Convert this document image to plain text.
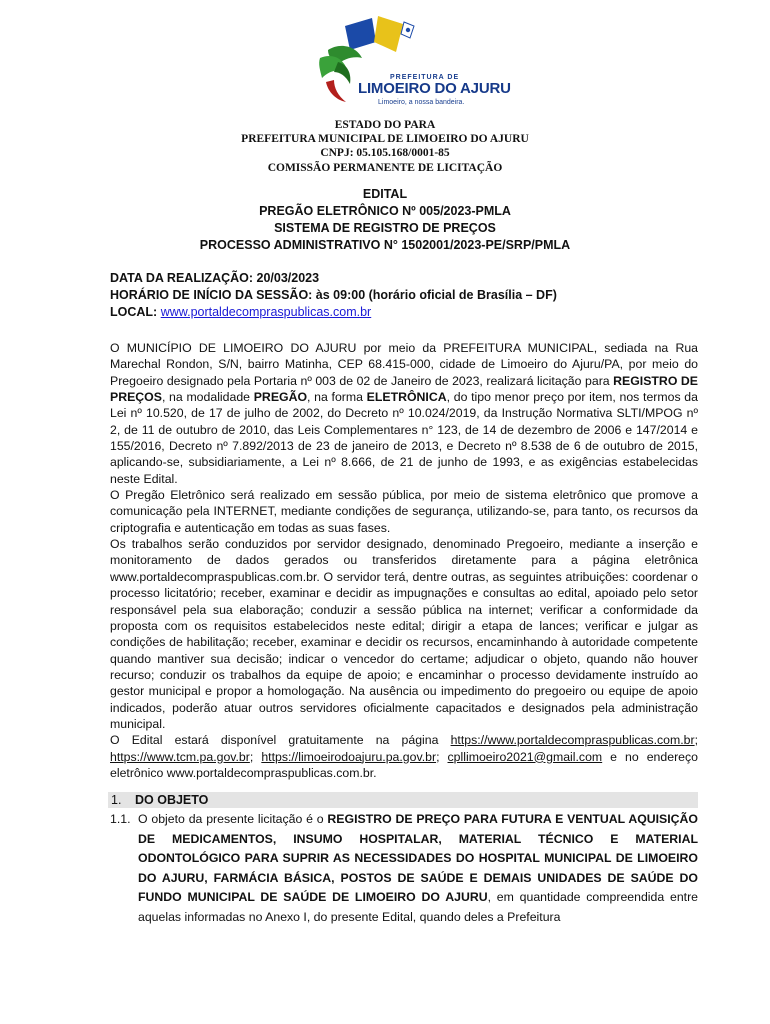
PREFEITURA DE
LIMOEIRO DO AJURU
Limoeiro, a nossa bandeira.
ESTADO DO PARA
PREFEITURA MUNICIPAL DE LIMOEIRO DO AJURU
CNPJ: 05.105.168/0001-85
COMISSÃO PERMANENTE DE LICITAÇÃO
EDITAL
PREGÃO ELETRÔNICO Nº 005/2023-PMLA
SISTEMA DE REGISTRO DE PREÇOS
PROCESSO ADMINISTRATIVO N° 1502001/2023-PE/SRP/PMLA
DATA DA REALIZAÇÃO: 20/03/2023
HORÁRIO DE INÍCIO DA SESSÃO: às 09:00 (horário oficial de Brasília – DF)
LOCAL: www.portaldecompraspublicas.com.br

O MUNICÍPIO DE LIMOEIRO DO AJURU por meio da PREFEITURA MUNICIPAL, sediada na Rua Marechal Rondon, S/N, bairro Matinha, CEP 68.415-000, cidade de Limoeiro do Ajuru/PA, por meio do Pregoeiro designado pela Portaria nº 003 de 02 de Janeiro de 2023, realizará licitação para REGISTRO DE PREÇOS, na modalidade PREGÃO, na forma ELETRÔNICA, do tipo menor preço por item, nos termos da Lei nº 10.520, de 17 de julho de 2002, do Decreto nº 10.024/2019, da Instrução Normativa SLTI/MPOG nº 2, de 11 de outubro de 2010, das Leis Complementares n° 123, de 14 de dezembro de 2006 e 147/2014 e 155/2016, Decreto nº 7.892/2013 de 23 de janeiro de 2013, e Decreto nº 8.538 de 6 de outubro de 2015, aplicando-se, subsidiariamente, a Lei nº 8.666, de 21 de junho de 1993, e as exigências estabelecidas neste Edital.

O Pregão Eletrônico será realizado em sessão pública, por meio de sistema eletrônico que promove a comunicação pela INTERNET, mediante condições de segurança, utilizando-se, para tanto, os recursos da criptografia e autenticação em todas as suas fases.

Os trabalhos serão conduzidos por servidor designado, denominado Pregoeiro, mediante a inserção e monitoramento de dados gerados ou transferidos diretamente para a página eletrônica www.portaldecompraspublicas.com.br. O servidor terá, dentre outras, as seguintes atribuições: coordenar o processo licitatório; receber, examinar e decidir as impugnações e consultas ao edital, apoiado pelo setor responsável pela sua elaboração; conduzir a sessão pública na internet; verificar a conformidade da proposta com os requisitos estabelecidos neste edital; dirigir a etapa de lances; verificar e julgar as condições de habilitação; receber, examinar e decidir os recursos, encaminhando à autoridade competente quando mantiver sua decisão; indicar o vencedor do certame; adjudicar o objeto, quando não houver recurso; conduzir os trabalhos da equipe de apoio; e encaminhar o processo devidamente instruído ao gestor municipal e propor a homologação. Na ausência ou impedimento do pregoeiro ou equipe de apoio indicados, poderão atuar outros servidores oficialmente capacitados e designados pela administração municipal.

O Edital estará disponível gratuitamente na página https://www.portaldecompraspublicas.com.br; https://www.tcm.pa.gov.br; https://limoeirodoajuru.pa.gov.br; cpllimoeiro2021@gmail.com e no endereço eletrônico www.portaldecompraspublicas.com.br.

1. DO OBJETO
1.1. O objeto da presente licitação é o REGISTRO DE PREÇO PARA FUTURA E VENTUAL AQUISIÇÃO DE MEDICAMENTOS, INSUMO HOSPITALAR, MATERIAL TÉCNICO E MATERIAL ODONTOLÓGICO PARA SUPRIR AS NECESSIDADES DO HOSPITAL MUNICIPAL DE LIMOEIRO DO AJURU, FARMÁCIA BÁSICA, POSTOS DE SAÚDE E DEMAIS UNIDADES DE SAÚDE DO FUNDO MUNICIPAL DE SAÚDE DE LIMOEIRO DO AJURU, em quantidade compreendida entre aquelas informadas no Anexo I, do presente Edital, quando deles a Prefeitura
